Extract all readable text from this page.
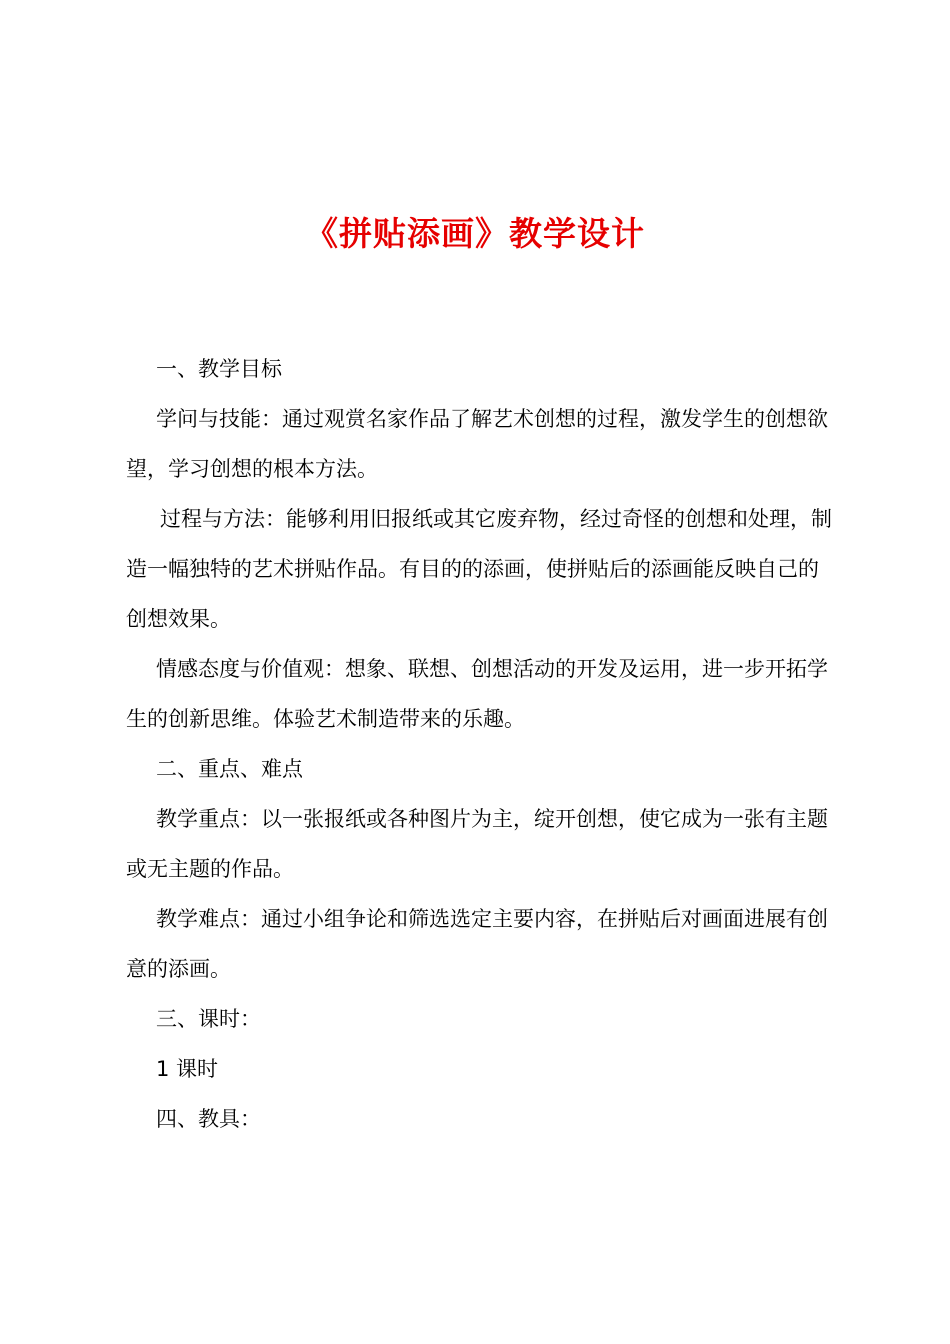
《拼贴添画》教学设计

一、教学目标

学问与技能：通过观赏名家作品了解艺术创想的过程，激发学生的创想欲望，学习创想的根本方法。

过程与方法：能够利用旧报纸或其它废弃物，经过奇怪的创想和处理，制造一幅独特的艺术拼贴作品。有目的的添画，使拼贴后的添画能反映自己的创想效果。

情感态度与价值观：想象、联想、创想活动的开发及运用，进一步开拓学生的创新思维。体验艺术制造带来的乐趣。

二、重点、难点

教学重点：以一张报纸或各种图片为主，绽开创想，使它成为一张有主题或无主题的作品。

教学难点：通过小组争论和筛选选定主要内容，在拼贴后对画面进展有创意的添画。

三、课时：

1 课时

四、教具：
